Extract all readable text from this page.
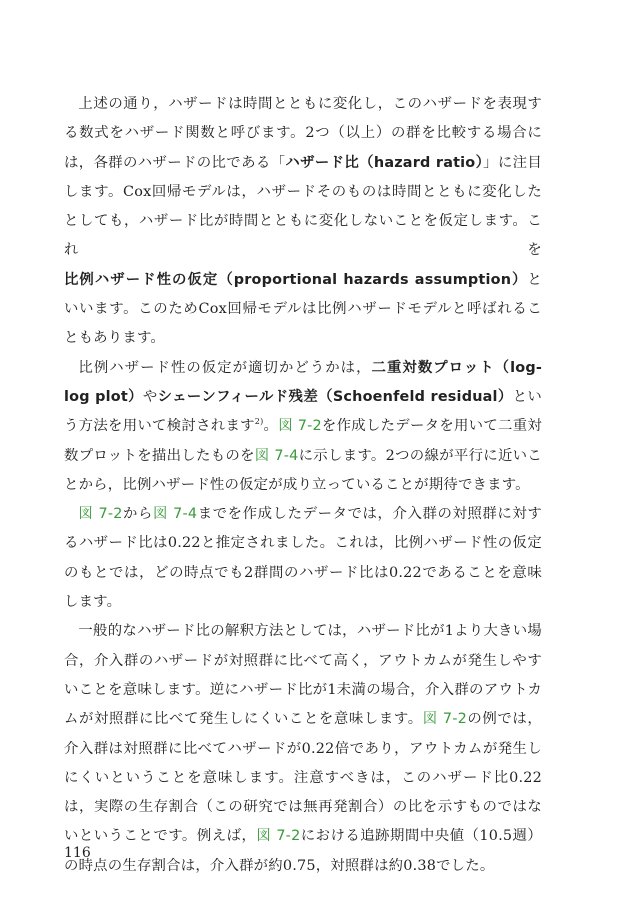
上述の通り，ハザードは時間とともに変化し，このハザードを表現する数式をハザード関数と呼びます。2つ（以上）の群を比較する場合には，各群のハザードの比である「ハザード比（hazard ratio）」に注目します。Cox回帰モデルは，ハザードそのものは時間とともに変化したとしても，ハザード比が時間とともに変化しないことを仮定します。これを比例ハザード性の仮定（proportional hazards assumption）といいます。このためCox回帰モデルは比例ハザードモデルと呼ばれることもあります。

比例ハザード性の仮定が適切かどうかは，二重対数プロット（log-log plot）やシェーンフィールド残差（Schoenfeld residual）という方法を用いて検討されます$^{2)}$。図 7-2を作成したデータを用いて二重対数プロットを描出したものを図 7-4に示します。2つの線が平行に近いことから，比例ハザード性の仮定が成り立っていることが期待できます。

図 7-2から図 7-4までを作成したデータでは，介入群の対照群に対するハザード比は0.22と推定されました。これは，比例ハザード性の仮定のもとでは，どの時点でも2群間のハザード比は0.22であることを意味します。

一般的なハザード比の解釈方法としては，ハザード比が1より大きい場合，介入群のハザードが対照群に比べて高く，アウトカムが発生しやすいことを意味します。逆にハザード比が1未満の場合，介入群のアウトカムが対照群に比べて発生しにくいことを意味します。図 7-2の例では，介入群は対照群に比べてハザードが0.22倍であり，アウトカムが発生しにくいということを意味します。注意すべきは，このハザード比0.22は，実際の生存割合（この研究では無再発割合）の比を示すものではないということです。例えば，図 7-2における追跡期間中央値（10.5週）の時点の生存割合は，介入群が約0.75，対照群は約0.38でした。

116
